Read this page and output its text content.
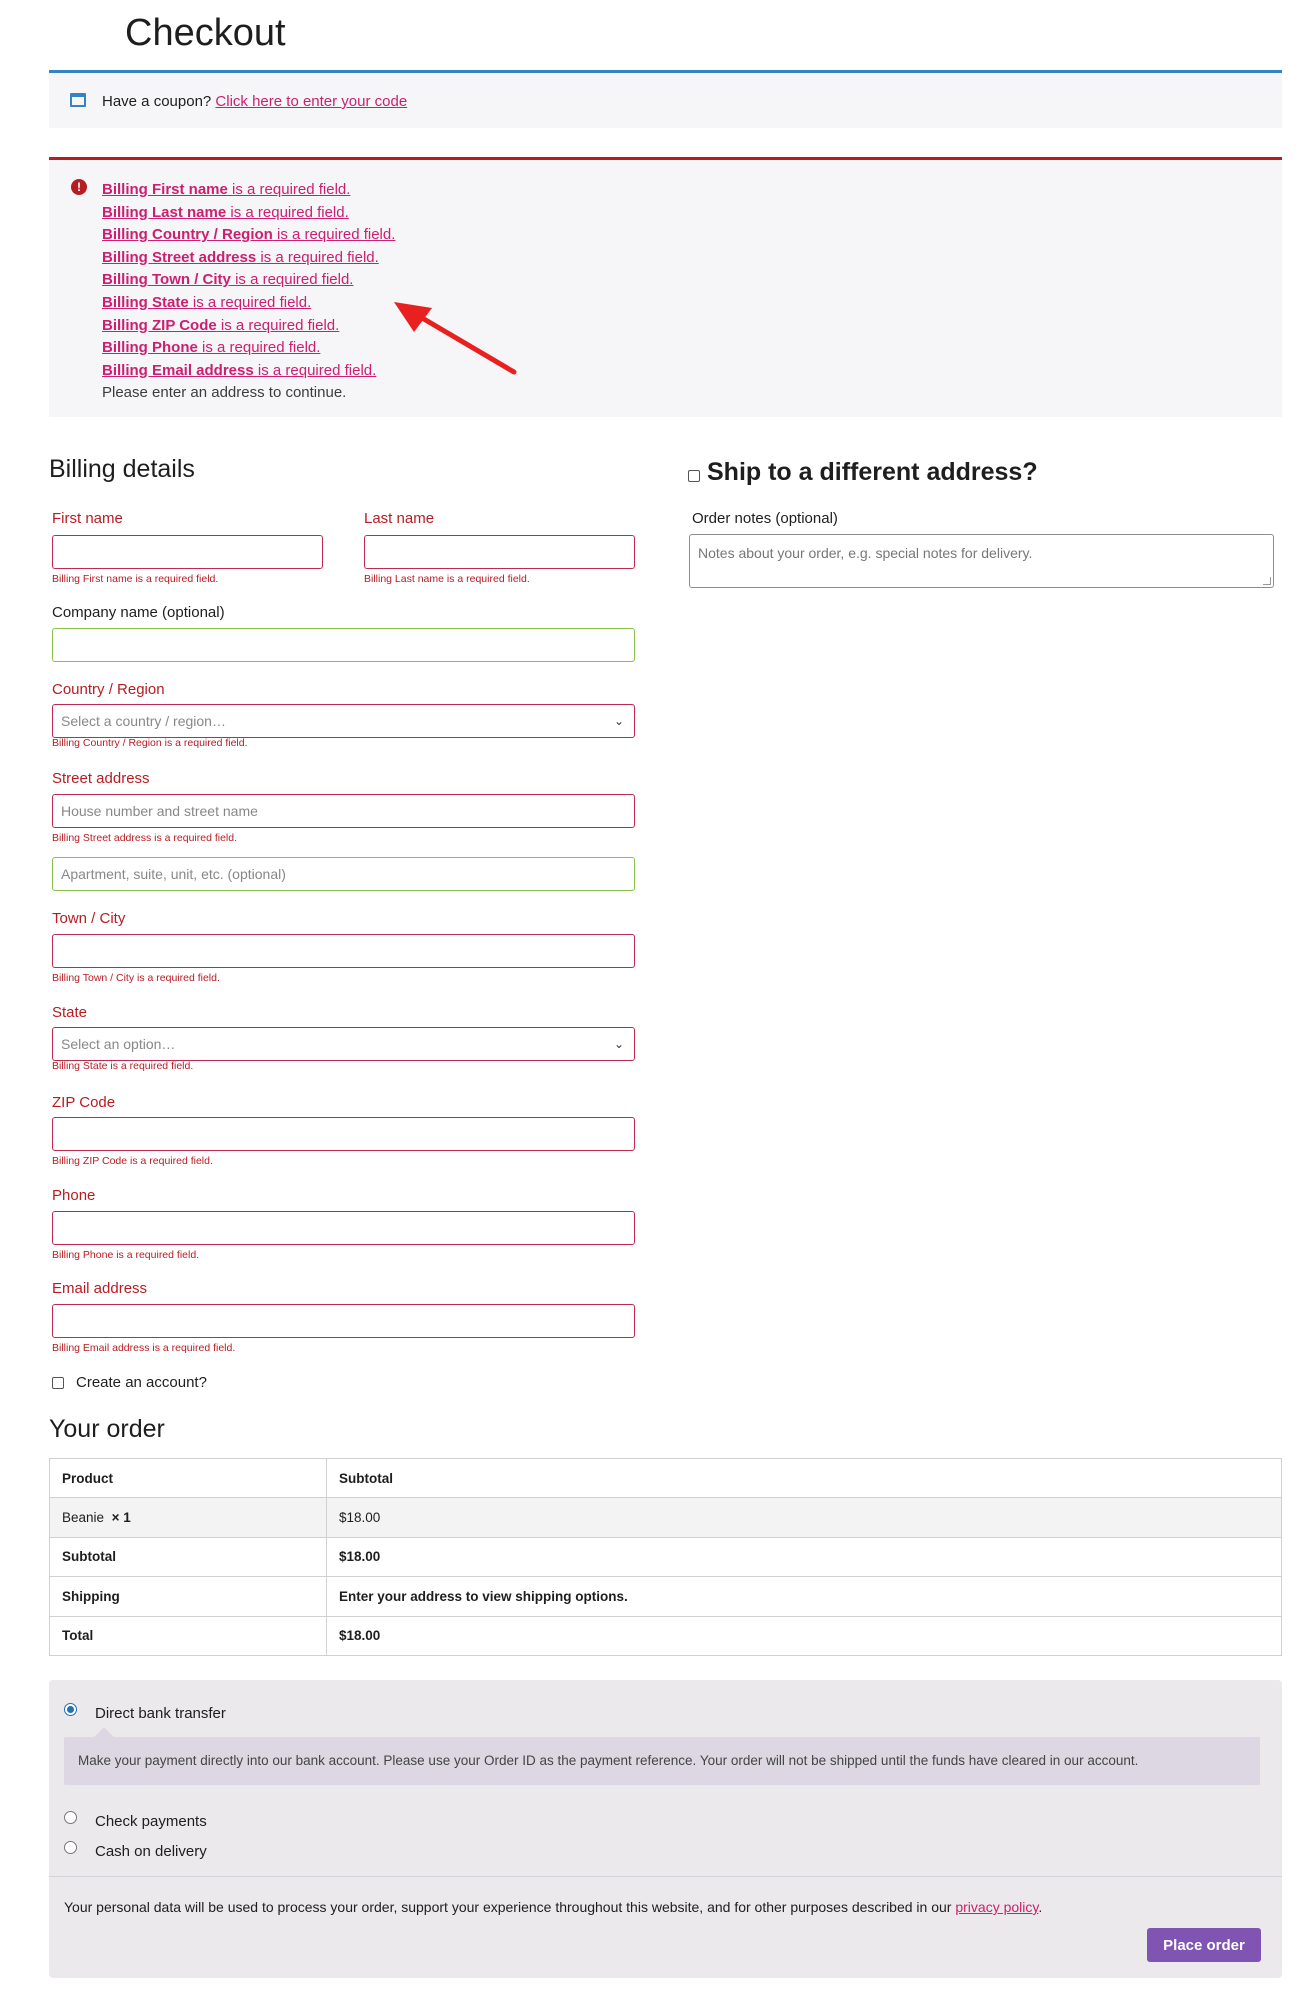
Checkout
Have a coupon? Click here to enter your code
!	Billing First name is a required field.
Billing Last name is a required field.
Billing Country / Region is a required field.
Billing Street address is a required field.
Billing Town / City is a required field.
Billing State is a required field.
Billing ZIP Code is a required field.
Billing Phone is a required field.
Billing Email address is a required field.
Please enter an address to continue.
Billing details
First name
Billing First name is a required field.
Last name
Billing Last name is a required field.
Company name (optional)
Country / Region
Select a country / region…	⌄
Billing Country / Region is a required field.
Street address
House number and street name
Billing Street address is a required field.
Apartment, suite, unit, etc. (optional)
Town / City
Billing Town / City is a required field.
State
Select an option…	⌄
Billing State is a required field.
ZIP Code
Billing ZIP Code is a required field.
Phone
Billing Phone is a required field.
Email address
Billing Email address is a required field.
Create an account?
Ship to a different address?
Order notes (optional)
Notes about your order, e.g. special notes for delivery.
Your order
Product	Subtotal
Beanie × 1	$18.00
Subtotal	$18.00
Shipping	Enter your address to view shipping options.
Total	$18.00
Direct bank transfer
Make your payment directly into our bank account. Please use your Order ID as the payment reference. Your order will not be shipped until the funds have cleared in our account.
Check payments
Cash on delivery
Your personal data will be used to process your order, support your experience throughout this website, and for other purposes described in our privacy policy.
Place order
